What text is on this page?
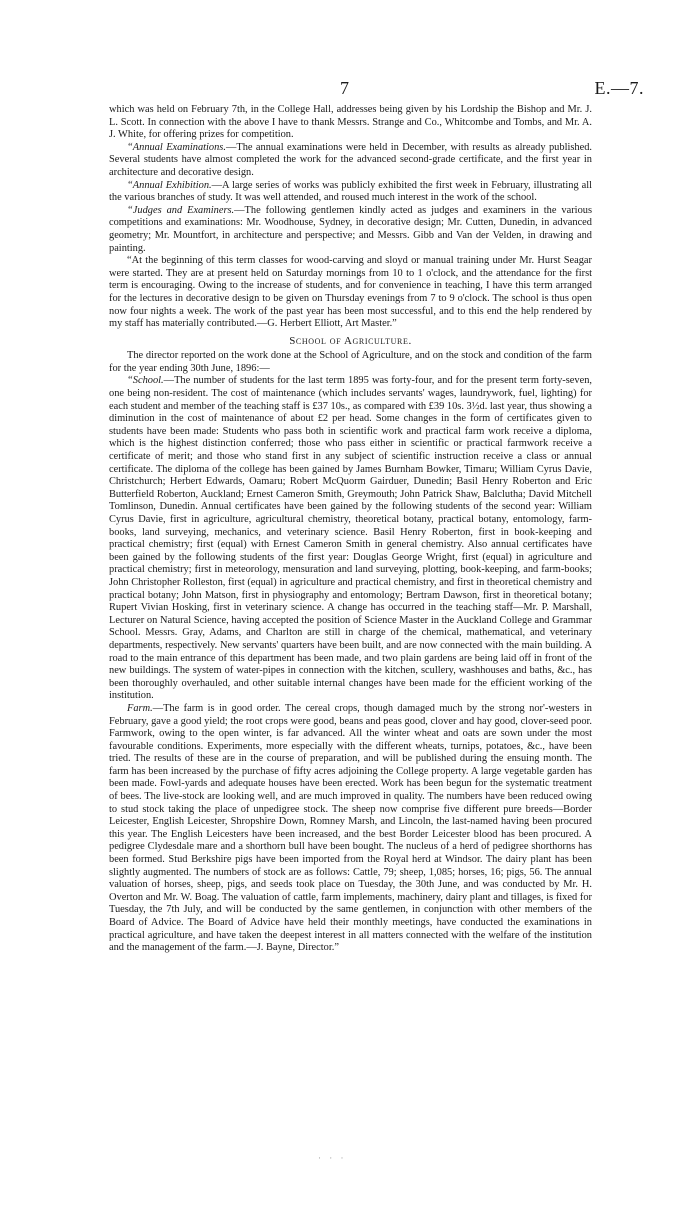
7	E.—7.

which was held on February 7th, in the College Hall, addresses being given by his Lordship the Bishop and Mr. J. L. Scott. In connection with the above I have to thank Messrs. Strange and Co., Whitcombe and Tombs, and Mr. A. J. White, for offering prizes for competition.

“Annual Examinations.—The annual examinations were held in December, with results as already published. Several students have almost completed the work for the advanced second-grade certificate, and the first year in architecture and decorative design.

“Annual Exhibition.—A large series of works was publicly exhibited the first week in February, illustrating all the various branches of study. It was well attended, and roused much interest in the work of the school.

“Judges and Examiners.—The following gentlemen kindly acted as judges and examiners in the various competitions and examinations: Mr. Woodhouse, Sydney, in decorative design; Mr. Cutten, Dunedin, in advanced geometry; Mr. Mountfort, in architecture and perspective; and Messrs. Gibb and Van der Velden, in drawing and painting.

“At the beginning of this term classes for wood-carving and sloyd or manual training under Mr. Hurst Seagar were started. They are at present held on Saturday mornings from 10 to 1 o'clock, and the attendance for the first term is encouraging. Owing to the increase of students, and for convenience in teaching, I have this term arranged for the lectures in decorative design to be given on Thursday evenings from 7 to 9 o'clock. The school is thus open now four nights a week. The work of the past year has been most successful, and to this end the help rendered by my staff has materially contributed.—G. Herbert Elliott, Art Master.”

School of Agriculture.

The director reported on the work done at the School of Agriculture, and on the stock and condition of the farm for the year ending 30th June, 1896:—

“School.—The number of students for the last term 1895 was forty-four, and for the present term forty-seven, one being non-resident. The cost of maintenance (which includes servants' wages, laundrywork, fuel, lighting) for each student and member of the teaching staff is £37 10s., as compared with £39 10s. 3½d. last year, thus showing a diminution in the cost of maintenance of about £2 per head. Some changes in the form of certificates given to students have been made: Students who pass both in scientific work and practical farm work receive a diploma, which is the highest distinction conferred; those who pass either in scientific or practical farmwork receive a certificate of merit; and those who stand first in any subject of scientific instruction receive a class or annual certificate. The diploma of the college has been gained by James Burnham Bowker, Timaru; William Cyrus Davie, Christchurch; Herbert Edwards, Oamaru; Robert McQuorm Gairduer, Dunedin; Basil Henry Roberton and Eric Butterfield Roberton, Auckland; Ernest Cameron Smith, Greymouth; John Patrick Shaw, Balclutha; David Mitchell Tomlinson, Dunedin. Annual certificates have been gained by the following students of the second year: William Cyrus Davie, first in agriculture, agricultural chemistry, theoretical botany, practical botany, entomology, farm-books, land surveying, mechanics, and veterinary science. Basil Henry Roberton, first in book-keeping and practical chemistry; first (equal) with Ernest Cameron Smith in general chemistry. Also annual certificates have been gained by the following students of the first year: Douglas George Wright, first (equal) in agriculture and practical chemistry; first in meteorology, mensuration and land surveying, plotting, book-keeping, and farm-books; John Christopher Rolleston, first (equal) in agriculture and practical chemistry, and first in theoretical chemistry and practical botany; John Matson, first in physiography and entomology; Bertram Dawson, first in theoretical botany; Rupert Vivian Hosking, first in veterinary science. A change has occurred in the teaching staff—Mr. P. Marshall, Lecturer on Natural Science, having accepted the position of Science Master in the Auckland College and Grammar School. Messrs. Gray, Adams, and Charlton are still in charge of the chemical, mathematical, and veterinary departments, respectively. New servants' quarters have been built, and are now connected with the main building. A road to the main entrance of this department has been made, and two plain gardens are being laid off in front of the new buildings. The system of water-pipes in connection with the kitchen, scullery, washhouses and baths, &c., has been thoroughly overhauled, and other suitable internal changes have been made for the efficient working of the institution.

Farm.—The farm is in good order. The cereal crops, though damaged much by the strong nor'-westers in February, gave a good yield; the root crops were good, beans and peas good, clover and hay good, clover-seed poor. Farmwork, owing to the open winter, is far advanced. All the winter wheat and oats are sown under the most favourable conditions. Experiments, more especially with the different wheats, turnips, potatoes, &c., have been tried. The results of these are in the course of preparation, and will be published during the ensuing month. The farm has been increased by the purchase of fifty acres adjoining the College property. A large vegetable garden has been made. Fowl-yards and adequate houses have been erected. Work has been begun for the systematic treatment of bees. The live-stock are looking well, and are much improved in quality. The numbers have been reduced owing to stud stock taking the place of unpedigree stock. The sheep now comprise five different pure breeds—Border Leicester, English Leicester, Shropshire Down, Romney Marsh, and Lincoln, the last-named having been procured this year. The English Leicesters have been increased, and the best Border Leicester blood has been procured. A pedigree Clydesdale mare and a shorthorn bull have been bought. The nucleus of a herd of pedigree shorthorns has been formed. Stud Berkshire pigs have been imported from the Royal herd at Windsor. The dairy plant has been slightly augmented. The numbers of stock are as follows: Cattle, 79; sheep, 1,085; horses, 16; pigs, 56. The annual valuation of horses, sheep, pigs, and seeds took place on Tuesday, the 30th June, and was conducted by Mr. H. Overton and Mr. W. Boag. The valuation of cattle, farm implements, machinery, dairy plant and tillages, is fixed for Tuesday, the 7th July, and will be conducted by the same gentlemen, in conjunction with other members of the Board of Advice. The Board of Advice have held their monthly meetings, have conducted the examinations in practical agriculture, and have taken the deepest interest in all matters connected with the welfare of the institution and the management of the farm.—J. Bayne, Director.”

· · ·
